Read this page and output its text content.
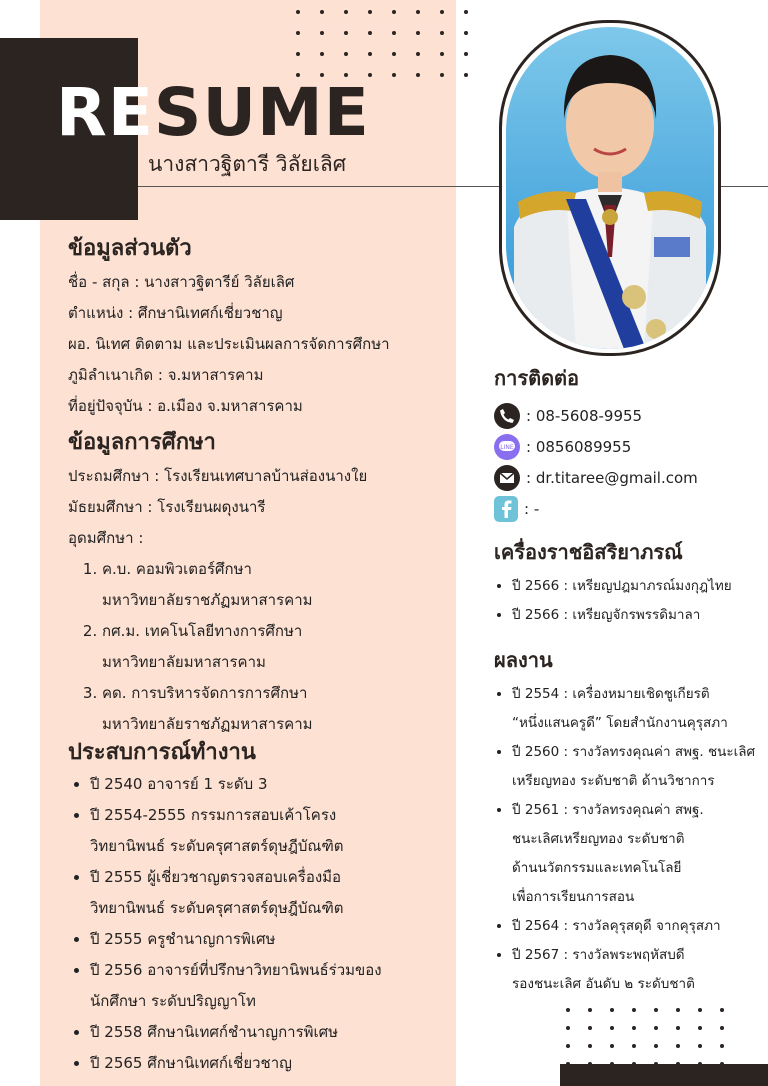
RESUME

นางสาวฐิตารี วิลัยเลิศ

ข้อมูลส่วนตัว

ชื่อ - สกุล : นางสาวฐิตารีย์ วิลัยเลิศ

ตำแหน่ง : ศึกษานิเทศก์เชี่ยวชาญ

ผอ. นิเทศ ติดตาม และประเมินผลการจัดการศึกษา

ภูมิลำเนาเกิด : จ.มหาสารคาม

ที่อยู่ปัจจุบัน : อ.เมือง จ.มหาสารคาม

ข้อมูลการศึกษา

ประถมศึกษา : โรงเรียนเทศบาลบ้านส่องนางใย

มัธยมศึกษา : โรงเรียนผดุงนารี

อุดมศึกษา :

1. ค.บ. คอมพิวเตอร์ศึกษา
มหาวิทยาลัยราชภัฏมหาสารคาม
2. กศ.ม. เทคโนโลยีทางการศึกษา
มหาวิทยาลัยมหาสารคาม
3. คด. การบริหารจัดการการศึกษา
มหาวิทยาลัยราชภัฏมหาสารคาม
ประสบการณ์ทำงาน
• ปี 2540 อาจารย์ 1 ระดับ 3
• ปี 2554-2555 กรรมการสอบเค้าโครง
วิทยานิพนธ์ ระดับครุศาสตร์ดุษฎีบัณฑิต
• ปี 2555 ผู้เชี่ยวชาญตรวจสอบเครื่องมือ
วิทยานิพนธ์ ระดับครุศาสตร์ดุษฎีบัณฑิต
• ปี 2555 ครูชำนาญการพิเศษ
• ปี 2556 อาจารย์ที่ปรึกษาวิทยานิพนธ์ร่วมของ
นักศึกษา ระดับปริญญาโท
• ปี 2558 ศึกษานิเทศก์ชำนาญการพิเศษ
• ปี 2565 ศึกษานิเทศก์เชี่ยวชาญ
การติดต่อ
: 08-5608-9955
LINE : 0856089955
: dr.titaree@gmail.com
: -
เครื่องราชอิสริยาภรณ์
• ปี 2566 : เหรียญปฎมาภรณ์มงกุฎไทย
• ปี 2566 : เหรียญจักรพรรดิมาลา
ผลงาน
• ปี 2554 : เครื่องหมายเชิดชูเกียรติ
“หนึ่งแสนครูดี” โดยสำนักงานคุรุสภา
• ปี 2560 : รางวัลทรงคุณค่า สพฐ. ชนะเลิศ
เหรียญทอง ระดับชาติ ด้านวิชาการ
• ปี 2561 : รางวัลทรงคุณค่า สพฐ.
ชนะเลิศเหรียญทอง ระดับชาติ
ด้านนวัตกรรมและเทคโนโลยี
เพื่อการเรียนการสอน
• ปี 2564 : รางวัลคุรุสดุดี จากคุรุสภา
• ปี 2567 : รางวัลพระพฤหัสบดี
รองชนะเลิศ อันดับ ๒ ระดับชาติ
